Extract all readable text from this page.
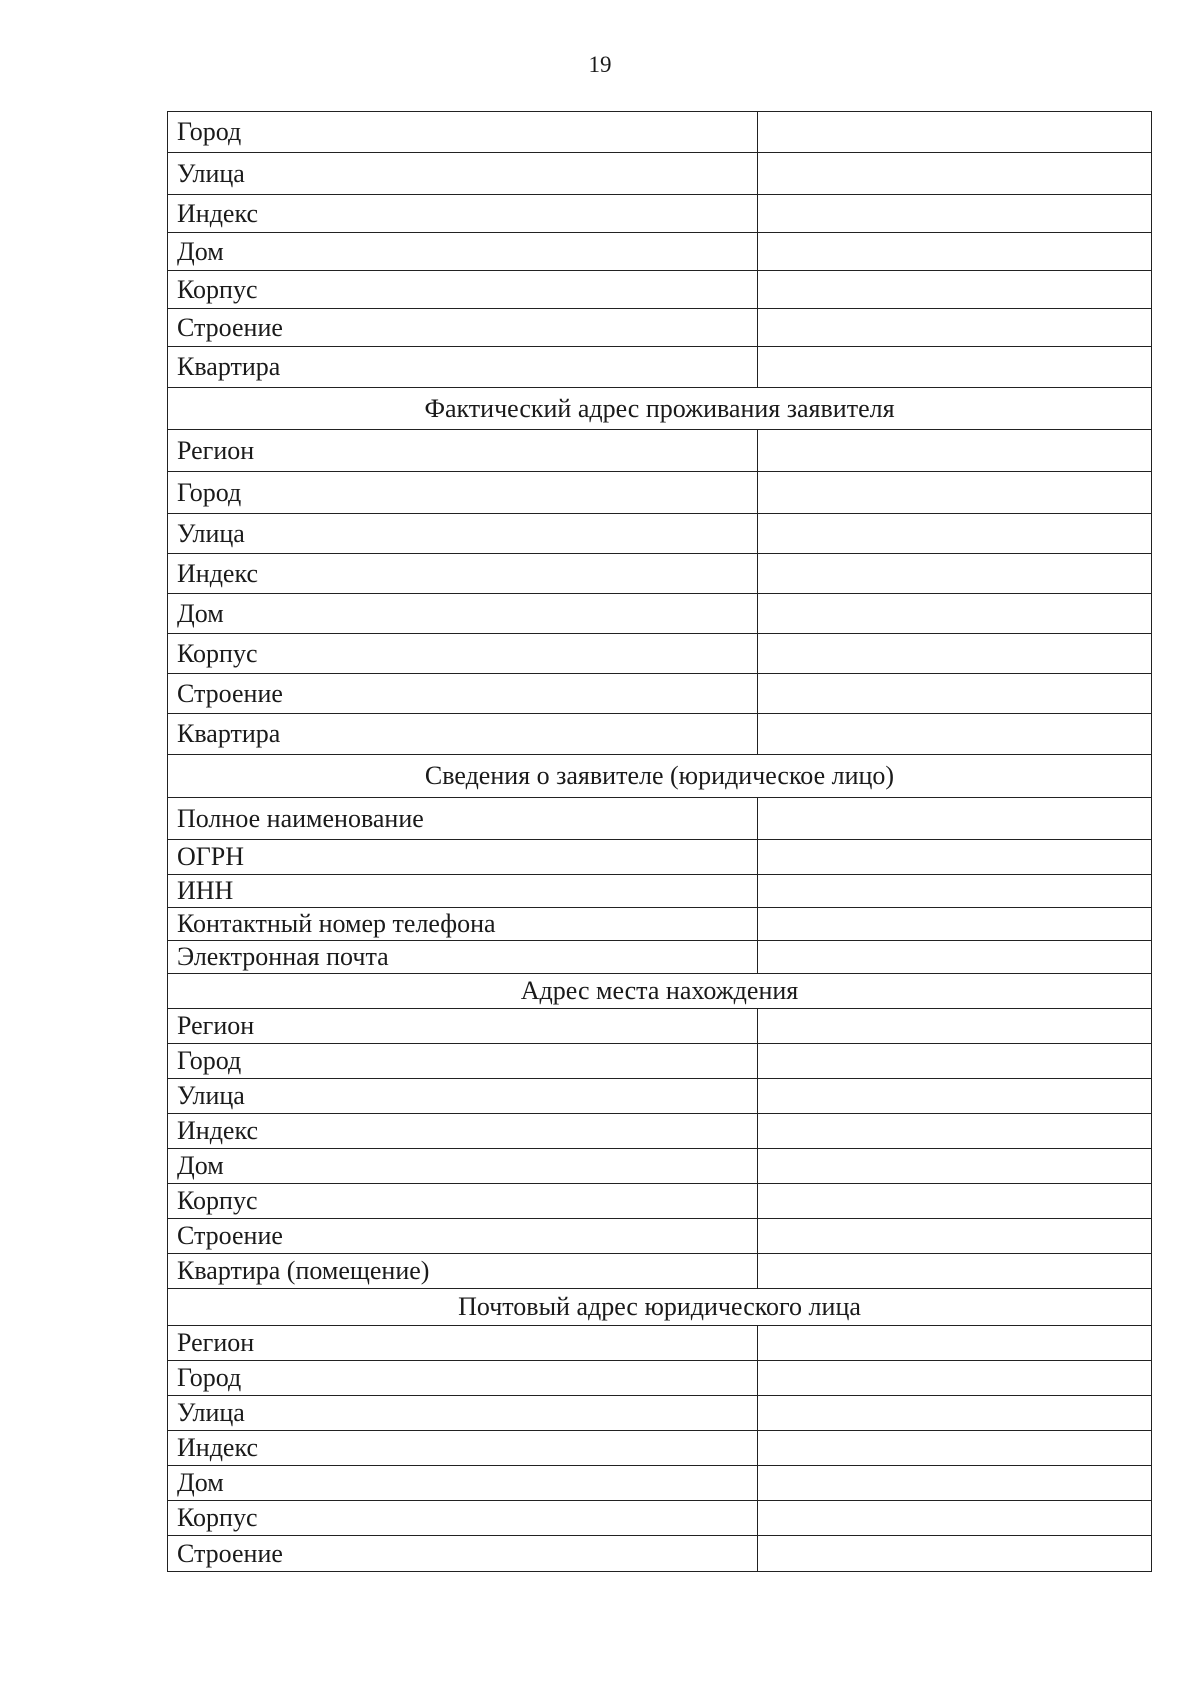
19
Город	
Улица	
Индекс	
Дом	
Корпус	
Строение	
Квартира	
Фактический адрес проживания заявителя	
Регион	
Город	
Улица	
Индекс	
Дом	
Корпус	
Строение	
Квартира	
Сведения о заявителе (юридическое лицо)	
Полное наименование	
ОГРН	
ИНН	
Контактный номер телефона	
Электронная почта	
Адрес места нахождения	
Регион	
Город	
Улица	
Индекс	
Дом	
Корпус	
Строение	
Квартира (помещение)	
Почтовый адрес юридического лица	
Регион	
Город	
Улица	
Индекс	
Дом	
Корпус	
Строение	
